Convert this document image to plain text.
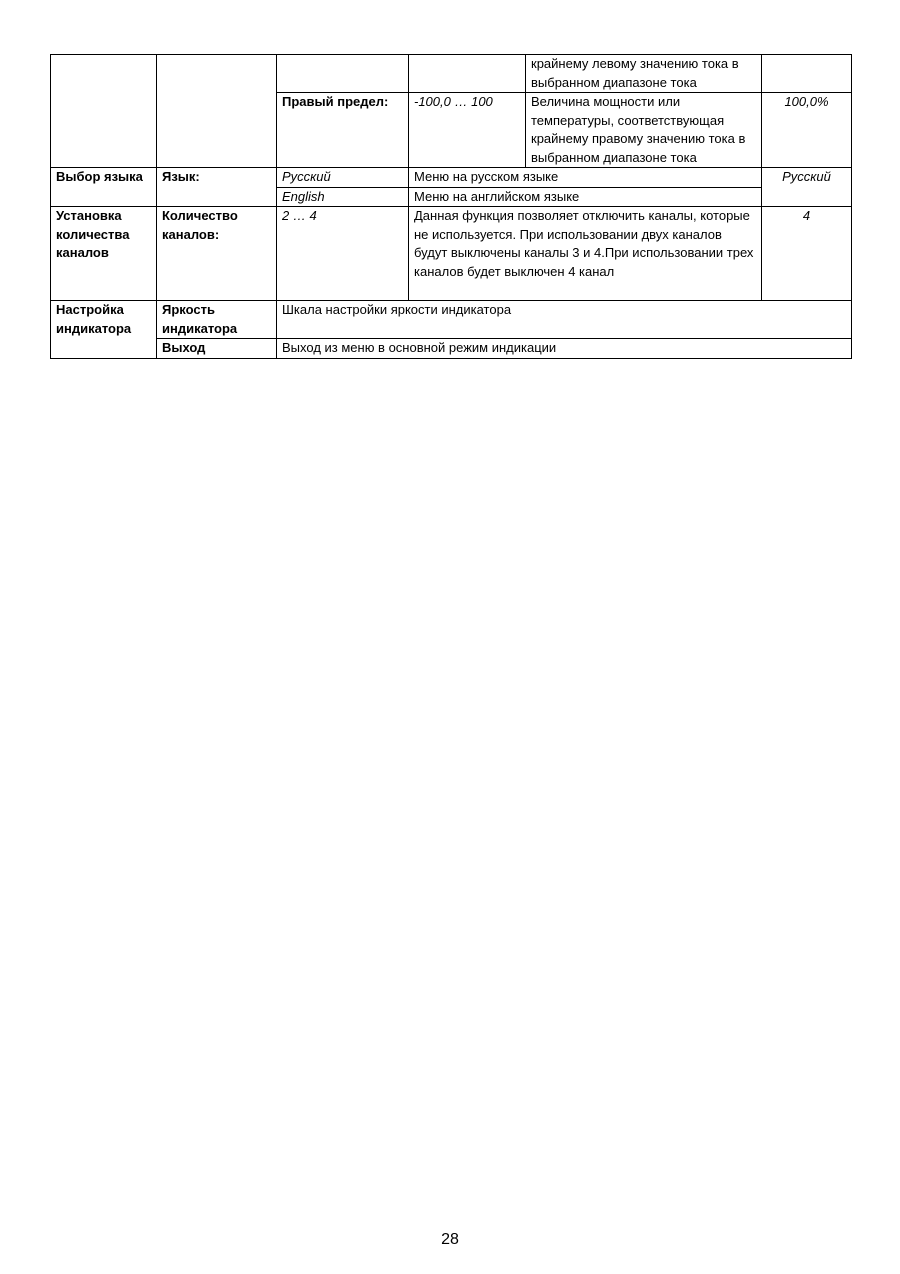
				крайнему левому значению тока в выбранном диапазоне тока	
		Правый предел:	-100,0 … 100	Величина мощности или температуры, соответствующая крайнему правому значению тока в выбранном диапазоне тока	100,0%
Выбор языка	Язык:	Русский	Меню на русском языке		Русский
		English	Меню на английском языке		
Установка количества каналов	Количество каналов:	2 … 4	Данная функция позволяет отключить каналы, которые не используется. При использовании двух каналов будут выключены каналы 3 и 4.При использовании трех каналов будет выключен 4 канал		4
Настройка индикатора	Яркость индикатора	Шкала настройки яркости индикатора			
	Выход	Выход из меню в основной режим индикации			
28
